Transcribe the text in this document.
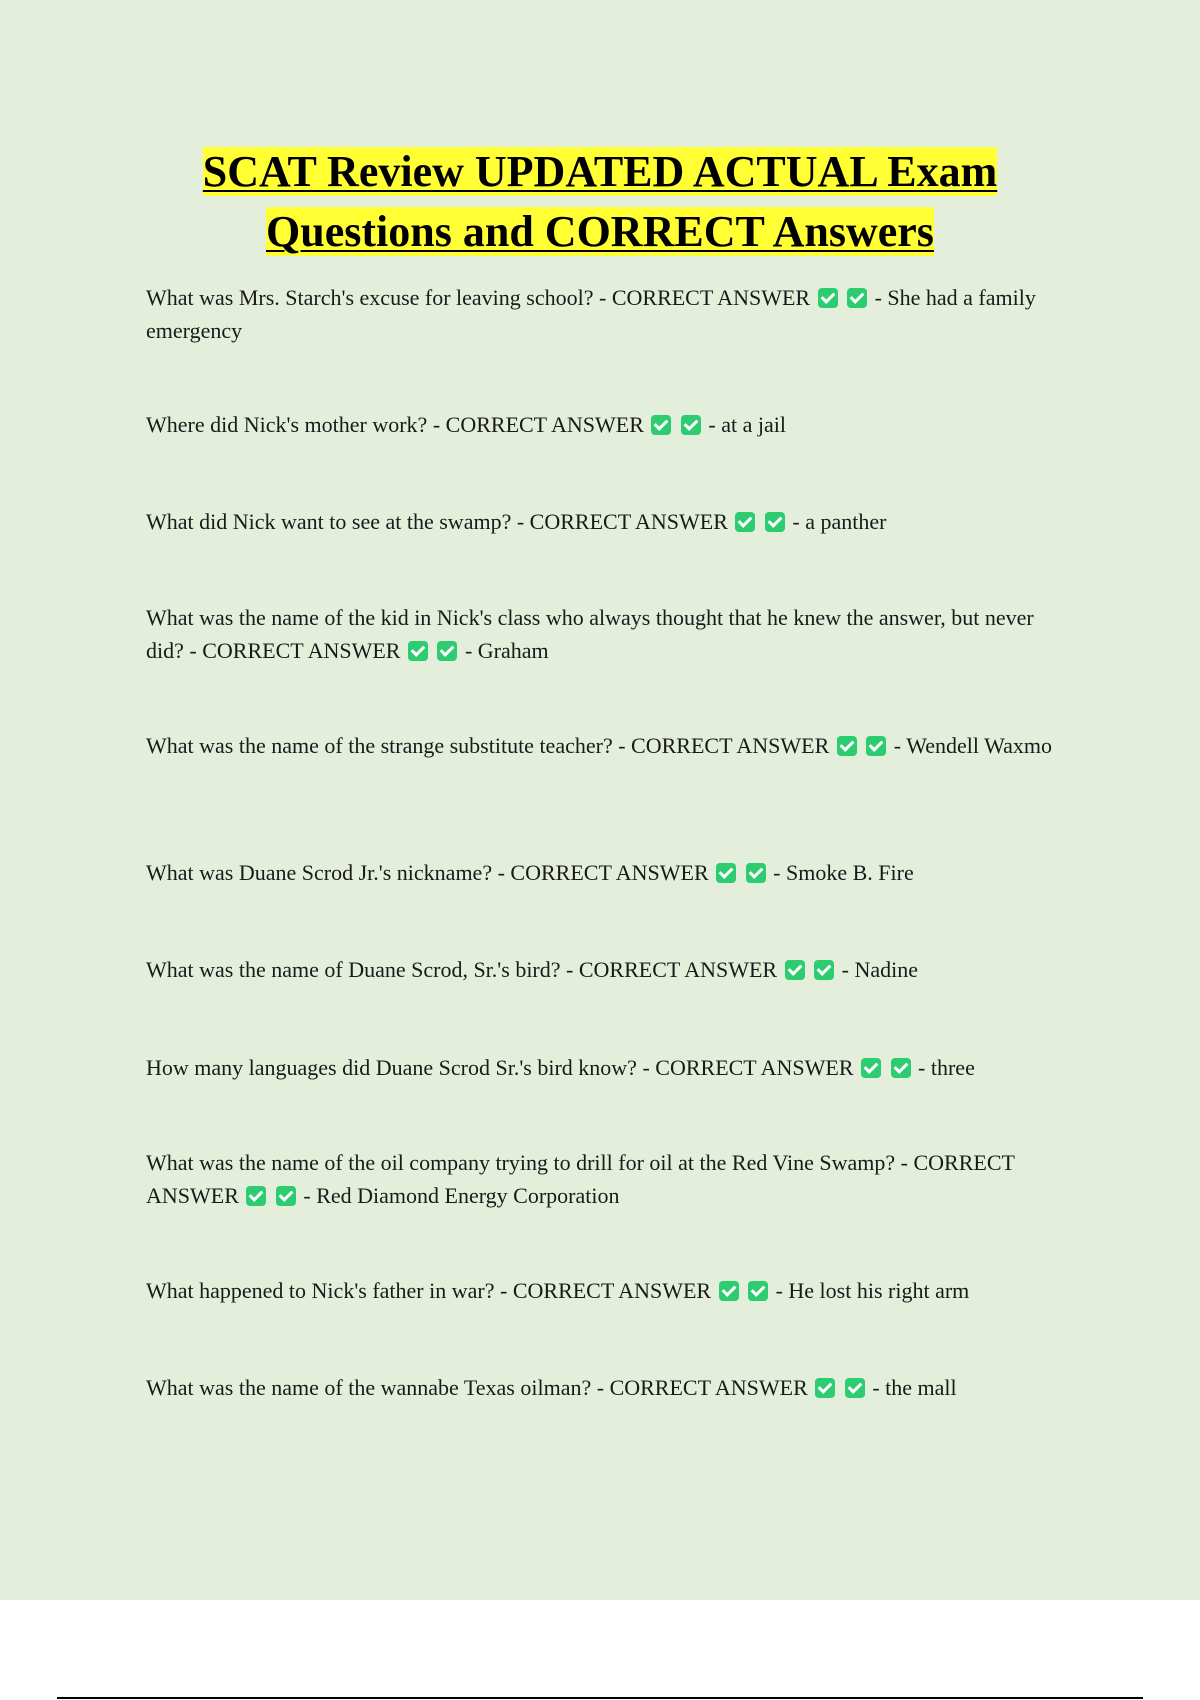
SCAT Review UPDATED ACTUAL Exam
Questions and CORRECT Answers
What was Mrs. Starch's excuse for leaving school? - CORRECT ANSWER	- She had a family emergency
Where did Nick's mother work? - CORRECT ANSWER	- at a jail
What did Nick want to see at the swamp? - CORRECT ANSWER	- a panther
What was the name of the kid in Nick's class who always thought that he knew the answer, but never did? - CORRECT ANSWER	- Graham
What was the name of the strange substitute teacher? - CORRECT ANSWER	- Wendell Waxmo
What was Duane Scrod Jr.'s nickname? - CORRECT ANSWER	- Smoke B. Fire
What was the name of Duane Scrod, Sr.'s bird? - CORRECT ANSWER	- Nadine
How many languages did Duane Scrod Sr.'s bird know? - CORRECT ANSWER	- three
What was the name of the oil company trying to drill for oil at the Red Vine Swamp? - CORRECT ANSWER	- Red Diamond Energy Corporation
What happened to Nick's father in war? - CORRECT ANSWER	- He lost his right arm
What was the name of the wannabe Texas oilman? - CORRECT ANSWER	- the mall
